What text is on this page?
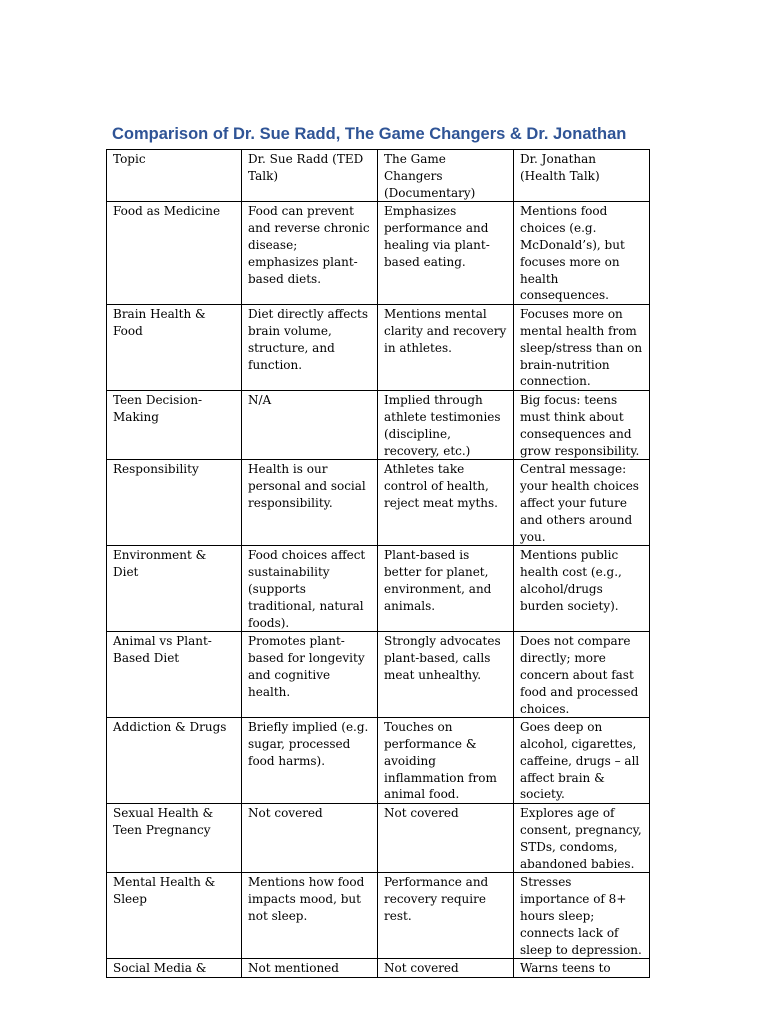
Comparison of Dr. Sue Radd, The Game Changers & Dr. Jonathan
Topic	Dr. Sue Radd (TED Talk)	The Game Changers (Documentary)	Dr. Jonathan (Health Talk)
Food as Medicine	Food can prevent and reverse chronic disease; emphasizes plant-based diets.	Emphasizes performance and healing via plant-based eating.	Mentions food choices (e.g. McDonald’s), but focuses more on health consequences.
Brain Health & Food	Diet directly affects brain volume, structure, and function.	Mentions mental clarity and recovery in athletes.	Focuses more on mental health from sleep/stress than on brain-nutrition connection.
Teen Decision-Making	N/A	Implied through athlete testimonies (discipline, recovery, etc.)	Big focus: teens must think about consequences and grow responsibility.
Responsibility	Health is our personal and social responsibility.	Athletes take control of health, reject meat myths.	Central message: your health choices affect your future and others around you.
Environment & Diet	Food choices affect sustainability (supports traditional, natural foods).	Plant-based is better for planet, environment, and animals.	Mentions public health cost (e.g., alcohol/drugs burden society).
Animal vs Plant-Based Diet	Promotes plant-based for longevity and cognitive health.	Strongly advocates plant-based, calls meat unhealthy.	Does not compare directly; more concern about fast food and processed choices.
Addiction & Drugs	Briefly implied (e.g. sugar, processed food harms).	Touches on performance & avoiding inflammation from animal food.	Goes deep on alcohol, cigarettes, caffeine, drugs – all affect brain & society.
Sexual Health & Teen Pregnancy	Not covered	Not covered	Explores age of consent, pregnancy, STDs, condoms, abandoned babies.
Mental Health & Sleep	Mentions how food impacts mood, but not sleep.	Performance and recovery require rest.	Stresses importance of 8+ hours sleep; connects lack of sleep to depression.
Social Media &	Not mentioned	Not covered	Warns teens to
